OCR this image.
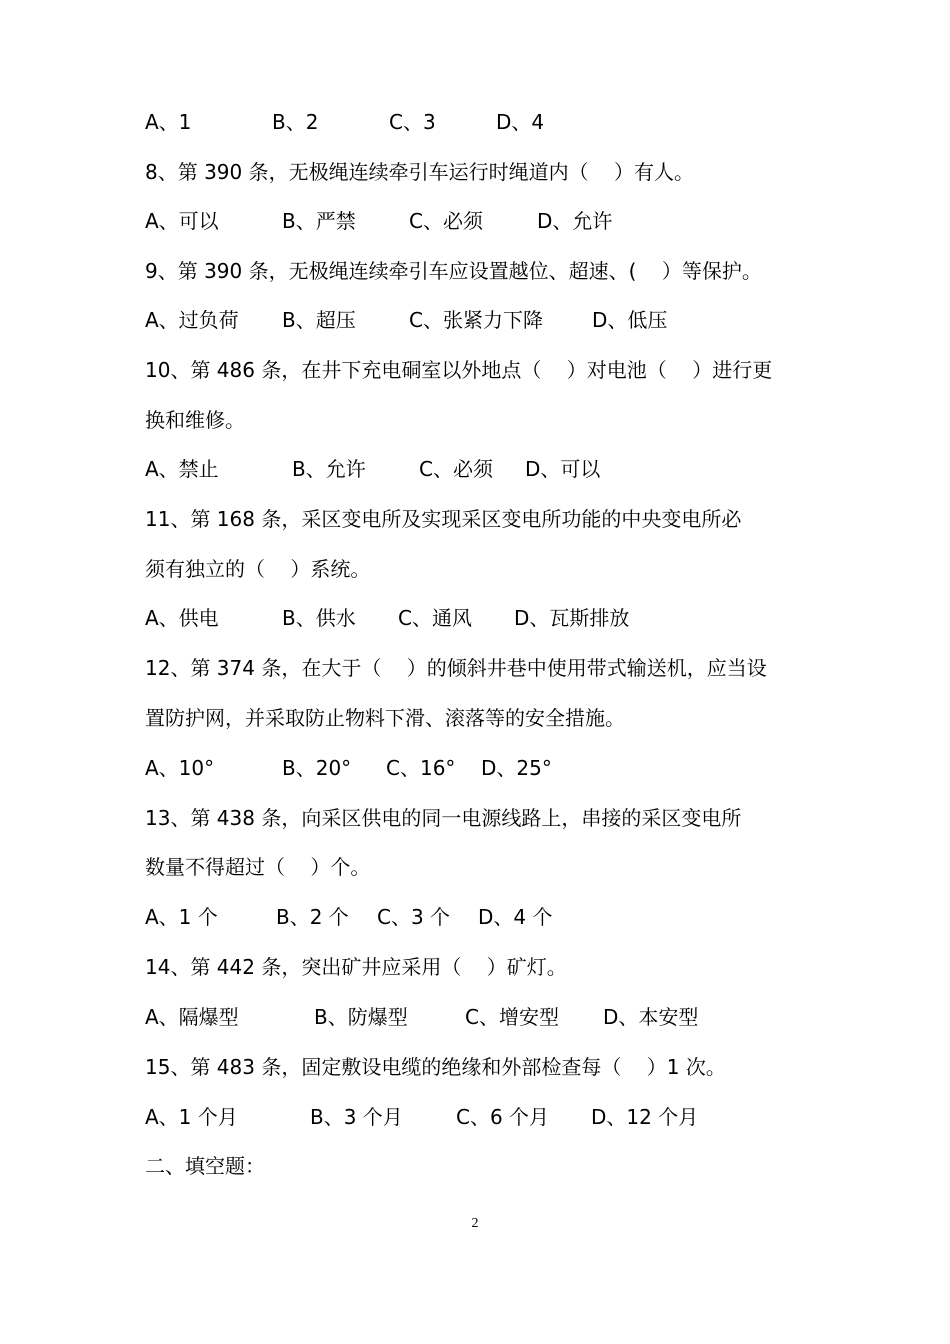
A、1	B、2	C、3	D、4
8、第 390 条，无极绳连续牵引车运行时绳道内（    ）有人。
A、可以	B、严禁	C、必须	D、允许
9、第 390 条，无极绳连续牵引车应设置越位、超速、(    ）等保护。
A、过负荷 B、超压	C、张紧力下降 D、低压
10、第 486 条，在井下充电硐室以外地点（    ）对电池（    ）进行更
换和维修。
A、禁止	B、允许	C、必须 D、可以
11、第 168 条，采区变电所及实现采区变电所功能的中央变电所必
须有独立的（    ）系统。
A、供电	B、供水 C、通风 D、瓦斯排放
12、第 374 条，在大于（    ）的倾斜井巷中使用带式输送机，应当设
置防护网，并采取防止物料下滑、滚落等的安全措施。
A、10°	B、20° C、16° D、25°
13、第 438 条，向采区供电的同一电源线路上，串接的采区变电所
数量不得超过（    ）个。
A、1 个	B、2 个 C、3 个 D、4 个
14、第 442 条，突出矿井应采用（    ）矿灯。
A、隔爆型	B、防爆型	C、增安型 D、本安型
15、第 483 条，固定敷设电缆的绝缘和外部检查每（    ）1 次。
A、1 个月	B、3 个月	C、6 个月 D、12 个月
二、填空题：
2
